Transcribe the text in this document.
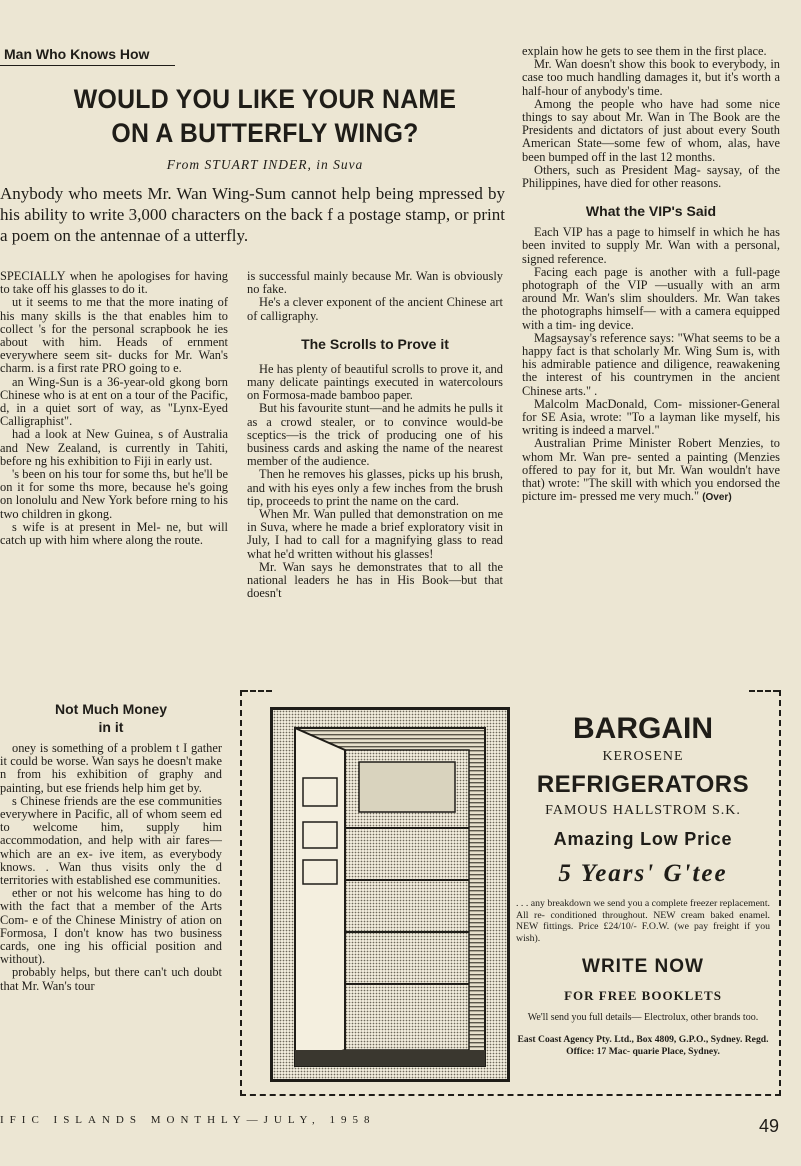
Man Who Knows How
WOULD YOU LIKE YOUR NAME
ON A BUTTERFLY WING?
From STUART INDER, in Suva
Anybody who meets Mr. Wan Wing-Sum cannot help being mpressed by his ability to write 3,000 characters on the back f a postage stamp, or print a poem on the antennae of a utterfly.

SPECIALLY when he apologises for having to take off his glasses to do it.

ut it seems to me that the more inating of his many skills is the that enables him to collect 's for the personal scrapbook he ies about with him. Heads of ernment everywhere seem sit- ducks for Mr. Wan's charm. is a first rate PRO going to e.

an Wing-Sun is a 36-year-old gkong born Chinese who is at ent on a tour of the Pacific, d, in a quiet sort of way, as "Lynx-Eyed Calligraphist".

had a look at New Guinea, s of Australia and New Zealand, is currently in Tahiti, before ng his exhibition to Fiji in early ust.

's been on his tour for some ths, but he'll be on it for some ths more, because he's going on lonolulu and New York before rning to his two children in gkong.

s wife is at present in Mel- ne, but will catch up with him where along the route.

Not Much Money in it

oney is something of a problem t I gather it could be worse. Wan says he doesn't make n from his exhibition of graphy and painting, but ese friends help him get by.

s Chinese friends are the ese communities everywhere in Pacific, all of whom seem ed to welcome him, supply him accommodation, and help with air fares—which are an ex- ive item, as everybody knows. . Wan thus visits only the d territories with established ese communities.

ether or not his welcome has hing to do with the fact that a member of the Arts Com- e of the Chinese Ministry of ation on Formosa, I don't know has two business cards, one ing his official position and without).

probably helps, but there can't uch doubt that Mr. Wan's tour

is successful mainly because Mr. Wan is obviously no fake.

He's a clever exponent of the ancient Chinese art of calligraphy.

The Scrolls to Prove it

He has plenty of beautiful scrolls to prove it, and many delicate paintings executed in watercolours on Formosa-made bamboo paper.

But his favourite stunt—and he admits he pulls it as a crowd stealer, or to convince would-be sceptics—is the trick of producing one of his business cards and asking the name of the nearest member of the audience.

Then he removes his glasses, picks up his brush, and with his eyes only a few inches from the brush tip, proceeds to print the name on the card.

When Mr. Wan pulled that demonstration on me in Suva, where he made a brief exploratory visit in July, I had to call for a magnifying glass to read what he'd written without his glasses!

Mr. Wan says he demonstrates that to all the national leaders he has in His Book—but that doesn't

explain how he gets to see them in the first place.

Mr. Wan doesn't show this book to everybody, in case too much handling damages it, but it's worth a half-hour of anybody's time.

Among the people who have had some nice things to say about Mr. Wan in The Book are the Presidents and dictators of just about every South American State—some few of whom, alas, have been bumped off in the last 12 months.

Others, such as President Mag- saysay, of the Philippines, have died for other reasons.

What the VIP's Said

Each VIP has a page to himself in which he has been invited to supply Mr. Wan with a personal, signed reference.

Facing each page is another with a full-page photograph of the VIP —usually with an arm around Mr. Wan's slim shoulders. Mr. Wan takes the photographs himself— with a camera equipped with a tim- ing device.

Magsaysay's reference says: "What seems to be a happy fact is that scholarly Mr. Wing Sum is, with his admirable patience and diligence, reawakening the interest of his countrymen in the ancient Chinese arts." .

Malcolm MacDonald, Com- missioner-General for SE Asia, wrote: "To a layman like myself, his writing is indeed a marvel."

Australian Prime Minister Robert Menzies, to whom Mr. Wan pre- sented a painting (Menzies offered to pay for it, but Mr. Wan wouldn't have that) wrote: "The skill with which you endorsed the picture im- pressed me very much." (Over)

BARGAIN
KEROSENE
REFRIGERATORS
FAMOUS HALLSTROM S.K.
Amazing Low Price
5 Years' G'tee
. . . any breakdown we send you a complete freezer replacement. All re- conditioned throughout. NEW cream baked enamel. NEW fittings. Price £24/10/- F.O.W. (we pay freight if you wish).
WRITE NOW
FOR FREE BOOKLETS
We'll send you full details— Electrolux, other brands too.
East Coast Agency Pty. Ltd., Box 4809, G.P.O., Sydney. Regd. Office: 17 Mac- quarie Place, Sydney.
IFIC ISLANDS MONTHLY—JULY, 1958	49
